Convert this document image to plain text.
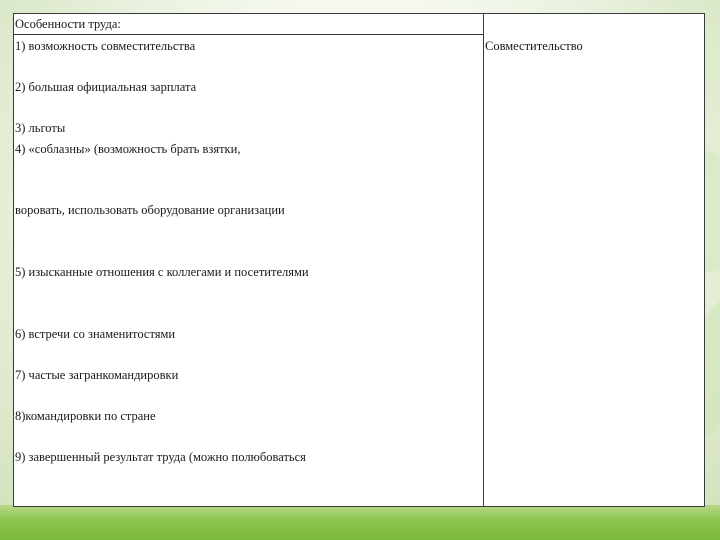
Особенности труда:
Совместительство
1) возможность совместительства
2) большая официальная зарплата
3) льготы
4) «соблазны» (возможность брать взятки,
воровать, использовать оборудование организации
5) изысканные отношения с коллегами и посетителями
6) встречи со знаменитостями
7) частые загранкомандировки
8)командировки по стране
9) завершенный результат труда (можно полюбоваться
